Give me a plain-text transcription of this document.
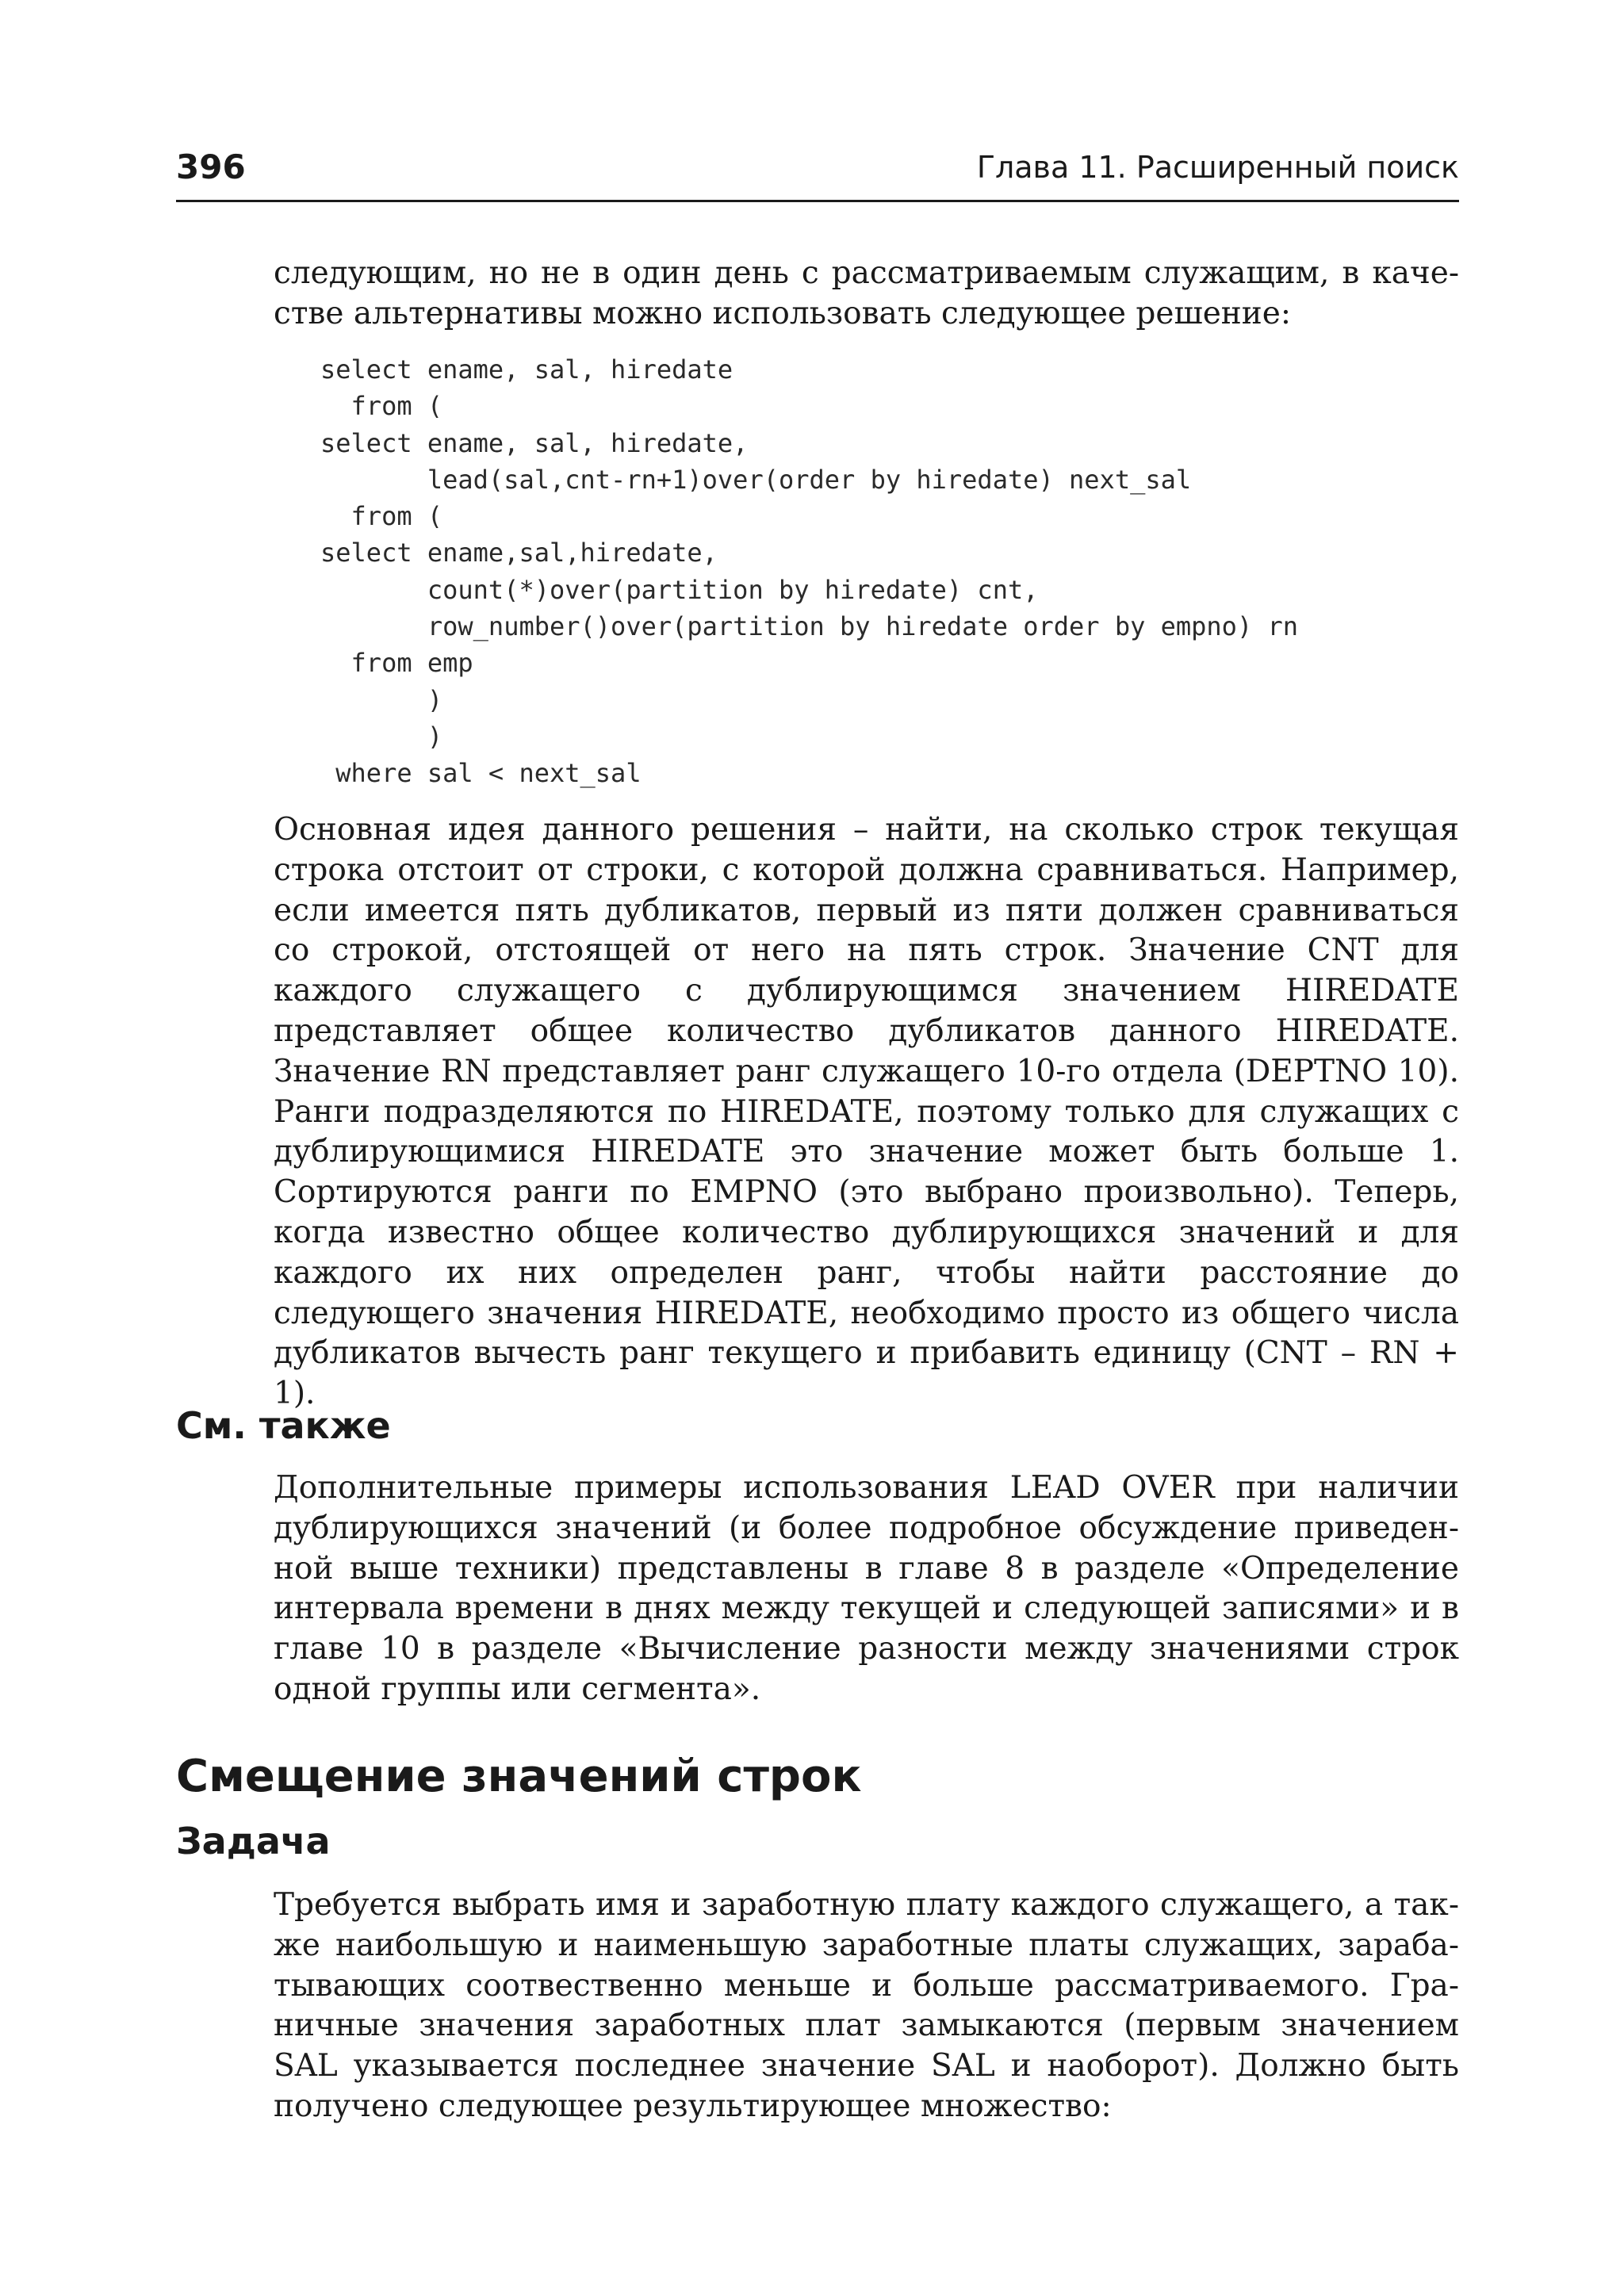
396	Глава 11. Расширенный поиск

следующим, но не в один день с рассматриваемым служащим, в качестве альтернативы можно использовать следующее решение:

select ename, sal, hiredate
from (
select ename, sal, hiredate,
lead(sal,cnt-rn+1)over(order by hiredate) next_sal
from (
select ename,sal,hiredate,
count(*)over(partition by hiredate) cnt,
row_number()over(partition by hiredate order by empno) rn
from emp
)
)
where sal < next_sal

Основная идея данного решения – найти, на сколько строк текущая строка отстоит от строки, с которой должна сравниваться. Например, если имеется пять дубликатов, первый из пяти должен сравниваться со строкой, отстоящей от него на пять строк. Значение CNT для каждого служащего с дублирующимся значением HIREDATE представляет общее количество дубликатов данного HIREDATE. Значение RN представляет ранг служащего 10-го отдела (DEPTNO 10). Ранги подразделяются по HIREDATE, поэтому только для служащих с дублирующимися HIREDATE это значение может быть больше 1. Сортируются ранги по EMPNO (это выбрано произвольно). Теперь, когда известно общее количество дублирующихся значений и для каждого их них определен ранг, чтобы найти расстояние до следующего значения HIREDATE, необходимо просто из общего числа дубликатов вычесть ранг текущего и прибавить единицу (CNT – RN + 1).

См. также

Дополнительные примеры использования LEAD OVER при наличии дублирующихся значений (и более подробное обсуждение приведенной выше техники) представлены в главе 8 в разделе «Определение интервала времени в днях между текущей и следующей записями» и в главе 10 в разделе «Вычисление разности между значениями строк одной группы или сегмента».

Смещение значений строк
Задача

Требуется выбрать имя и заработную плату каждого служащего, а также наибольшую и наименьшую заработные платы служащих, зарабатывающих соотвественно меньше и больше рассматриваемого. Граничные значения заработных плат замыкаются (первым значением SAL указывается последнее значение SAL и наоборот). Должно быть получено следующее результирующее множество:
